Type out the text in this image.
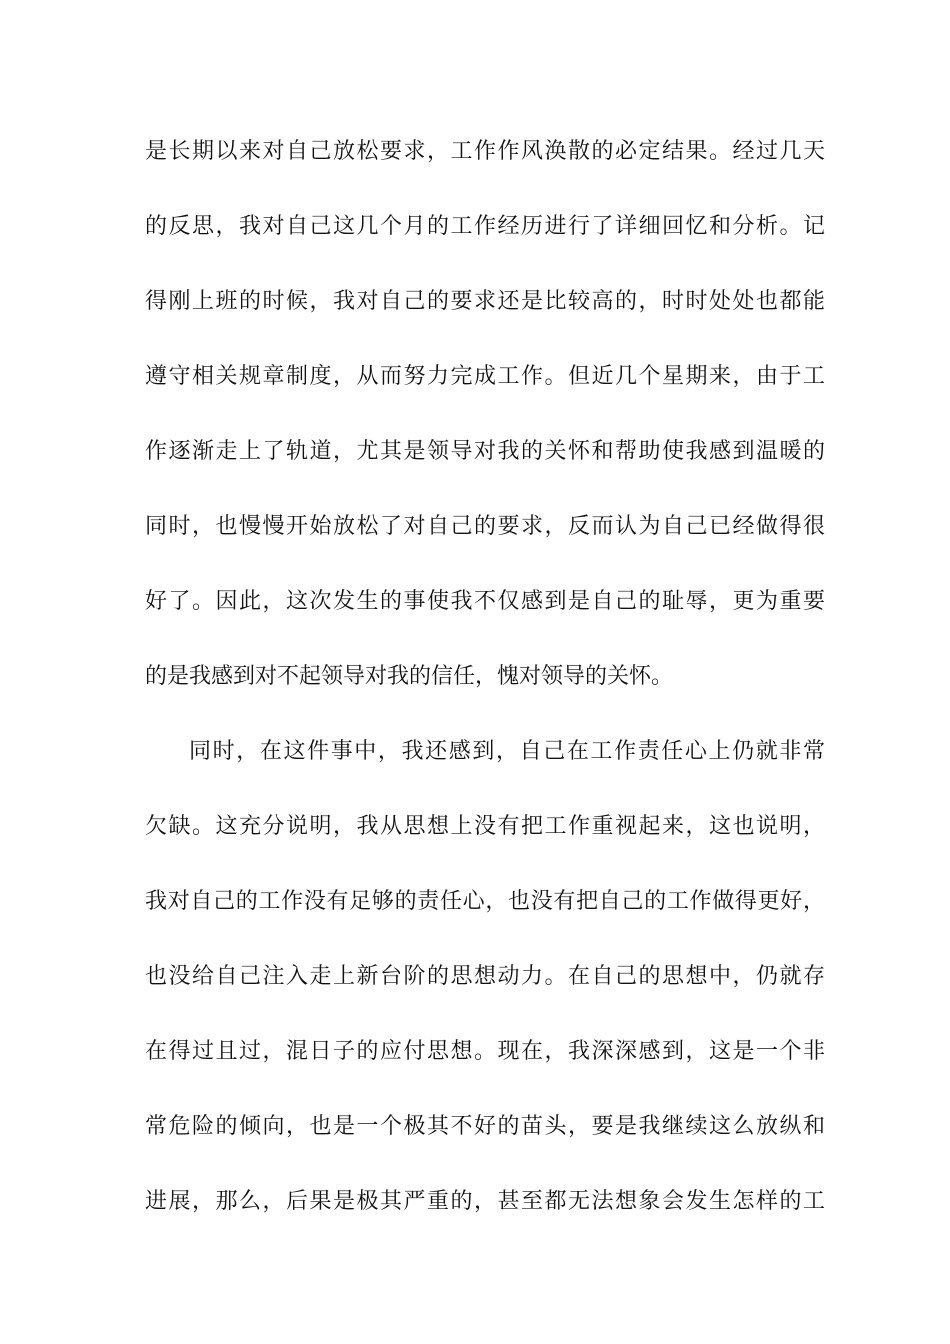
是长期以来对自己放松要求，工作作风涣散的必定结果。经过几天
的反思，我对自己这几个月的工作经历进行了详细回忆和分析。记
得刚上班的时候，我对自己的要求还是比较高的，时时处处也都能
遵守相关规章制度，从而努力完成工作。但近几个星期来，由于工
作逐渐走上了轨道，尤其是领导对我的关怀和帮助使我感到温暖的
同时，也慢慢开始放松了对自己的要求，反而认为自己已经做得很
好了。因此，这次发生的事使我不仅感到是自己的耻辱，更为重要
的是我感到对不起领导对我的信任，愧对领导的关怀。
同时，在这件事中，我还感到，自己在工作责任心上仍就非常
欠缺。这充分说明，我从思想上没有把工作重视起来，这也说明，
我对自己的工作没有足够的责任心，也没有把自己的工作做得更好，
也没给自己注入走上新台阶的思想动力。在自己的思想中，仍就存
在得过且过，混日子的应付思想。现在，我深深感到，这是一个非
常危险的倾向，也是一个极其不好的苗头，要是我继续这么放纵和
进展，那么，后果是极其严重的，甚至都无法想象会发生怎样的工
